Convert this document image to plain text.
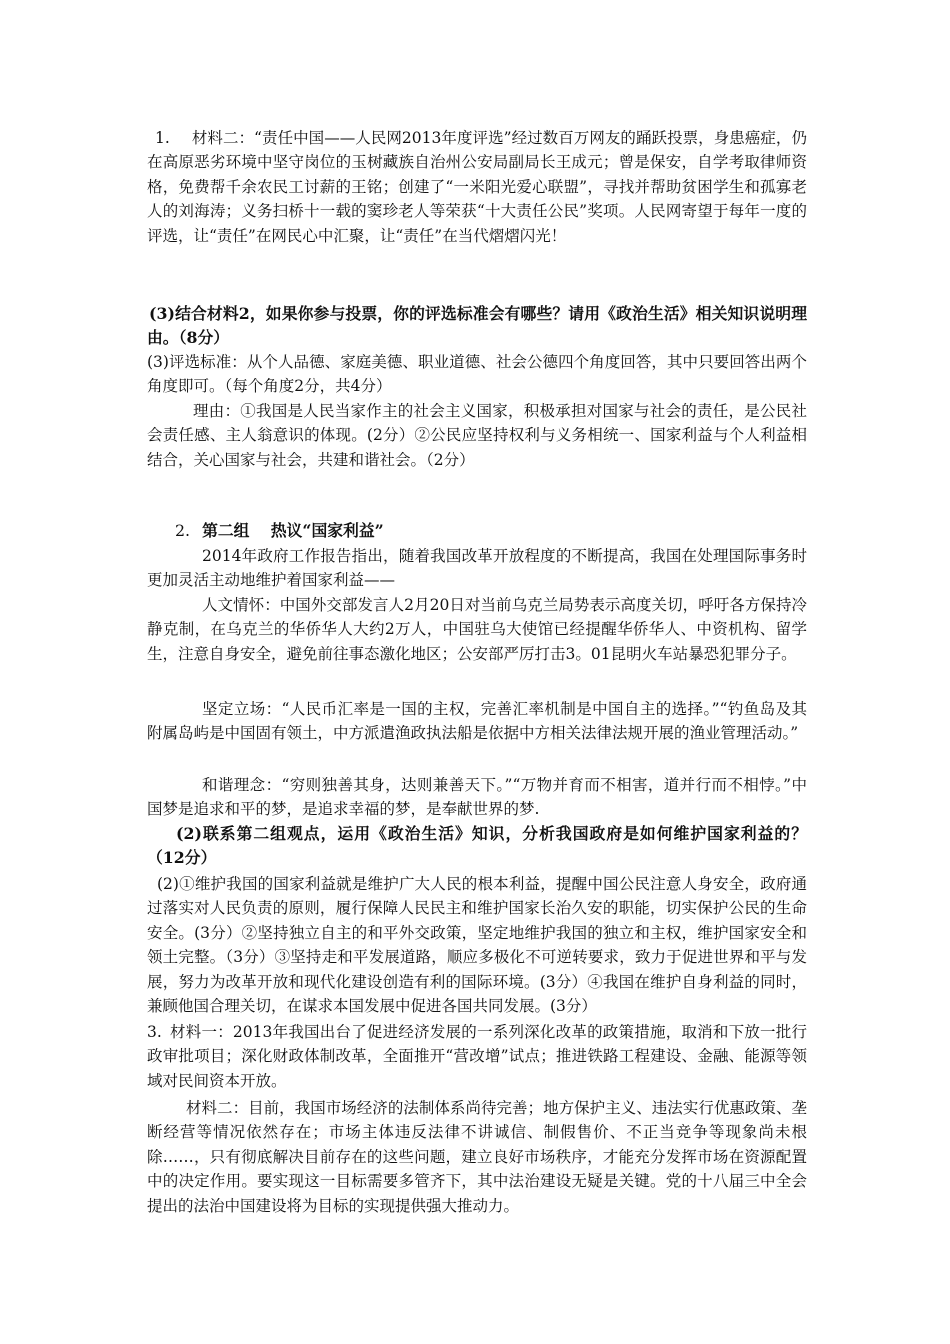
1. 材料二：“责任中国——人民网2013年度评选”经过数百万网友的踊跃投票，身患癌症，仍在高原恶劣环境中坚守岗位的玉树藏族自治州公安局副局长王成元；曾是保安，自学考取律师资格，免费帮千余农民工讨薪的王铭；创建了“一米阳光爱心联盟”，寻找并帮助贫困学生和孤寡老人的刘海涛；义务扫桥十一载的窦珍老人等荣获“十大责任公民”奖项。人民网寄望于每年一度的评选，让“责任”在网民心中汇聚，让“责任”在当代熠熠闪光！

(3)结合材料2，如果你参与投票，你的评选标准会有哪些？请用《政治生活》相关知识说明理由。（8分）

(3)评选标准：从个人品德、家庭美德、职业道德、社会公德四个角度回答，其中只要回答出两个角度即可。（每个角度2分，共4分）

理由：①我国是人民当家作主的社会主义国家，积极承担对国家与社会的责任，是公民社会责任感、主人翁意识的体现。(2分）②公民应坚持权利与义务相统一、国家利益与个人利益相结合，关心国家与社会，共建和谐社会。（2分）

2. 第二组　 热议“国家利益”

2014年政府工作报告指出，随着我国改革开放程度的不断提高，我国在处理国际事务时更加灵活主动地维护着国家利益——

人文情怀：中国外交部发言人2月20日对当前乌克兰局势表示高度关切，呼吁各方保持冷静克制，在乌克兰的华侨华人大约2万人，中国驻乌大使馆已经提醒华侨华人、中资机构、留学生，注意自身安全，避免前往事态激化地区；公安部严厉打击3。01昆明火车站暴恐犯罪分子。

坚定立场：“人民币汇率是一国的主权，完善汇率机制是中国自主的选择。”“钓鱼岛及其附属岛屿是中国固有领土，中方派遣渔政执法船是依据中方相关法律法规开展的渔业管理活动。”

和谐理念：“穷则独善其身，达则兼善天下。”“万物并育而不相害，道并行而不相悖。”中国梦是追求和平的梦，是追求幸福的梦，是奉献世界的梦.

(2)联系第二组观点，运用《政治生活》知识，分析我国政府是如何维护国家利益的？（12分）

(2)①维护我国的国家利益就是维护广大人民的根本利益，提醒中国公民注意人身安全，政府通过落实对人民负责的原则，履行保障人民民主和维护国家长治久安的职能，切实保护公民的生命安全。(3分）②坚持独立自主的和平外交政策，坚定地维护我国的独立和主权，维护国家安全和领土完整。（3分）③坚持走和平发展道路，顺应多极化不可逆转要求，致力于促进世界和平与发展，努力为改革开放和现代化建设创造有利的国际环境。(3分）④我国在维护自身利益的同时，兼顾他国合理关切，在谋求本国发展中促进各国共同发展。(3分）

3. 材料一：2013年我国出台了促进经济发展的一系列深化改革的政策措施，取消和下放一批行政审批项目；深化财政体制改革，全面推开“营改增”试点；推进铁路工程建设、金融、能源等领域对民间资本开放。

材料二：目前，我国市场经济的法制体系尚待完善；地方保护主义、违法实行优惠政策、垄断经营等情况依然存在；市场主体违反法律不讲诚信、制假售价、不正当竞争等现象尚未根除……，只有彻底解决目前存在的这些问题，建立良好市场秩序，才能充分发挥市场在资源配置中的决定作用。要实现这一目标需要多管齐下，其中法治建设无疑是关键。党的十八届三中全会提出的法治中国建设将为目标的实现提供强大推动力。
